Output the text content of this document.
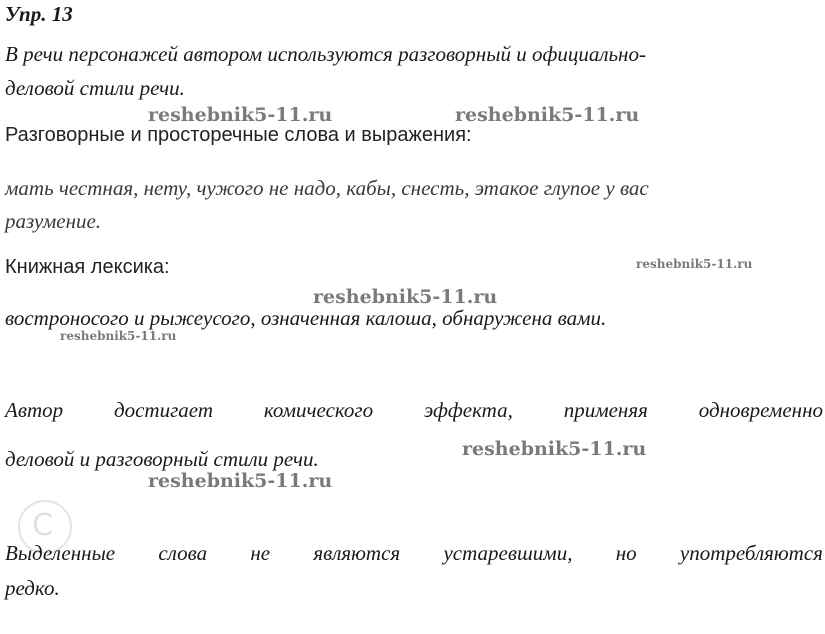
Упр. 13
В речи персонажей автором используются разговорный и официально-
деловой стили речи.
Разговорные и просторечные слова и выражения:
мать честная, нету, чужого не надо, кабы, снесть, этакое глупое у вас
разумение.
Книжная лексика:
востроносого и рыжеусого, означенная калоша, обнаружена вами.
Автор достигает комического эффекта, применяя одновременно
деловой и разговорный стили речи.
C
Выделенные слова не являются устаревшими, но употребляются
редко.
reshebnik5-11.ru	reshebnik5-11.ru
reshebnik5-11.ru
reshebnik5-11.ru
reshebnik5-11.ru
reshebnik5-11.ru
reshebnik5-11.ru
